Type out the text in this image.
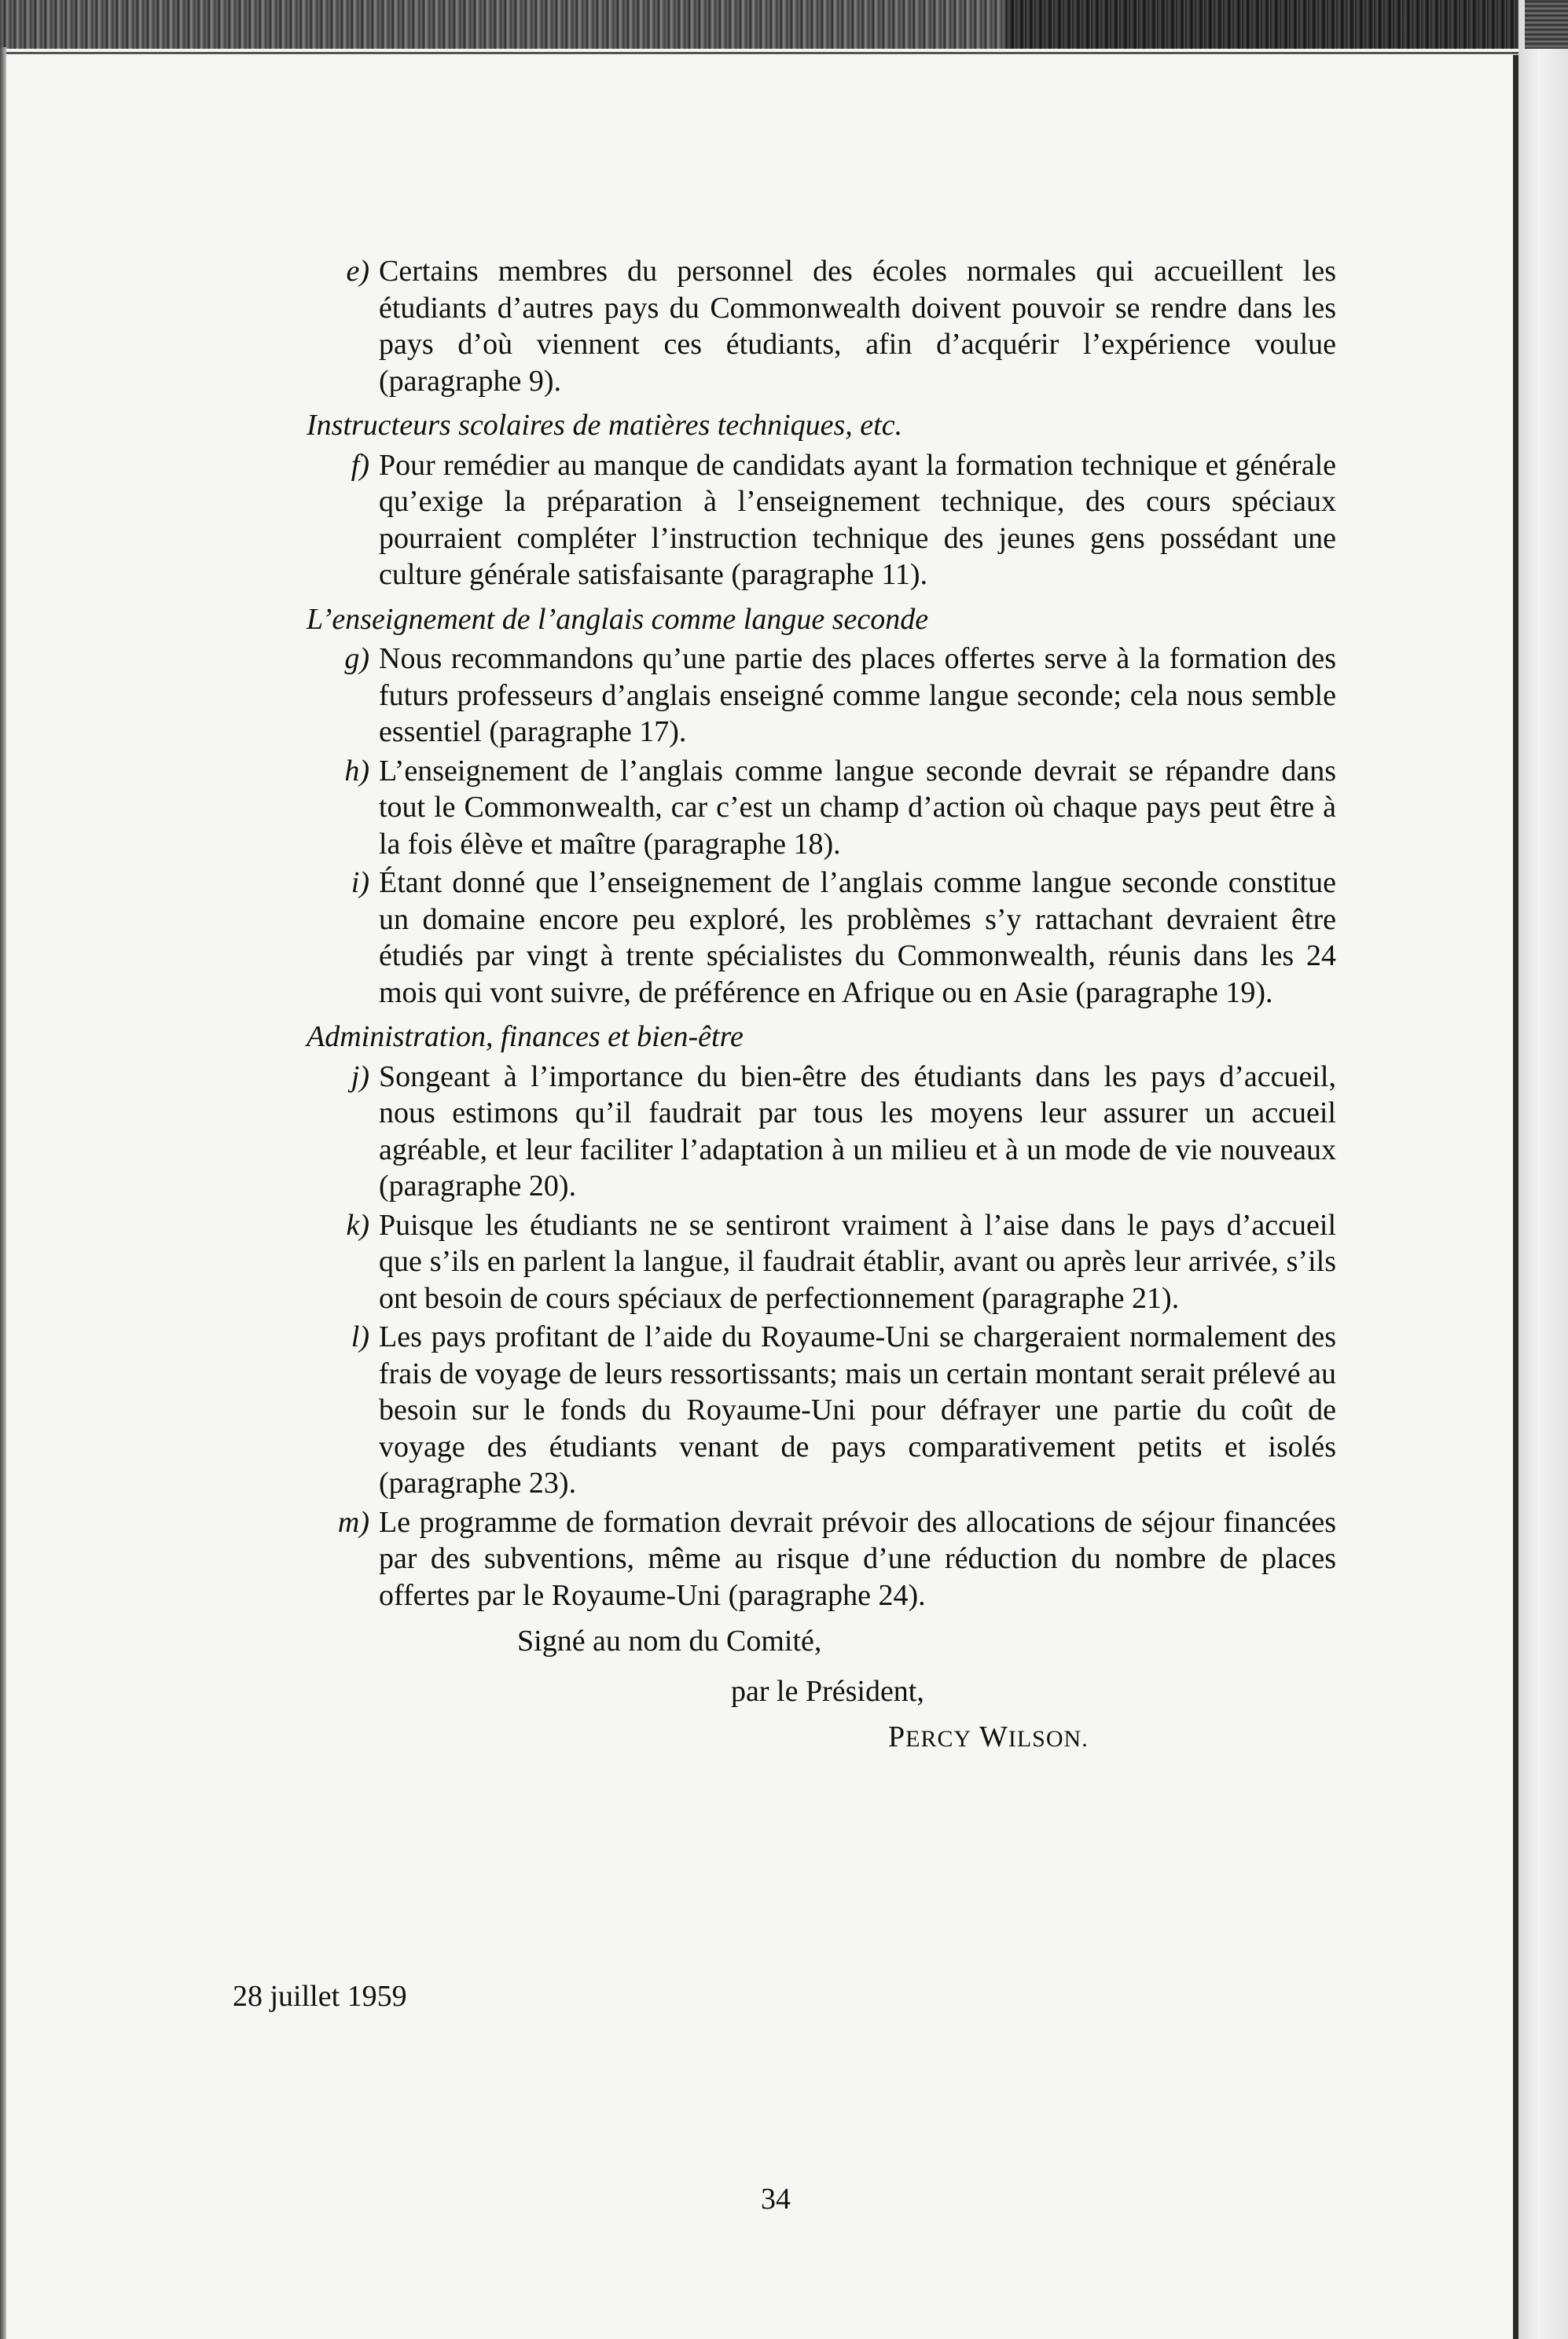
e) Certains membres du personnel des écoles normales qui accueillent les étudiants d’autres pays du Commonwealth doivent pouvoir se rendre dans les pays d’où viennent ces étudiants, afin d’acquérir l’expérience voulue (paragraphe 9).
Instructeurs scolaires de matières techniques, etc.
f) Pour remédier au manque de candidats ayant la formation technique et générale qu’exige la préparation à l’enseignement technique, des cours spéciaux pourraient compléter l’instruction technique des jeunes gens possédant une culture générale satisfaisante (paragraphe 11).
L’enseignement de l’anglais comme langue seconde
g) Nous recommandons qu’une partie des places offertes serve à la formation des futurs professeurs d’anglais enseigné comme langue seconde; cela nous semble essentiel (paragraphe 17).
h) L’enseignement de l’anglais comme langue seconde devrait se répandre dans tout le Commonwealth, car c’est un champ d’action où chaque pays peut être à la fois élève et maître (paragraphe 18).
i) Étant donné que l’enseignement de l’anglais comme langue seconde constitue un domaine encore peu exploré, les problèmes s’y rattachant devraient être étudiés par vingt à trente spécialistes du Commonwealth, réunis dans les 24 mois qui vont suivre, de préférence en Afrique ou en Asie (paragraphe 19).
Administration, finances et bien-être
j) Songeant à l’importance du bien-être des étudiants dans les pays d’accueil, nous estimons qu’il faudrait par tous les moyens leur assurer un accueil agréable, et leur faciliter l’adaptation à un milieu et à un mode de vie nouveaux (paragraphe 20).
k) Puisque les étudiants ne se sentiront vraiment à l’aise dans le pays d’accueil que s’ils en parlent la langue, il faudrait établir, avant ou après leur arrivée, s’ils ont besoin de cours spéciaux de perfectionnement (paragraphe 21).
l) Les pays profitant de l’aide du Royaume-Uni se chargeraient normalement des frais de voyage de leurs ressortissants; mais un certain montant serait prélevé au besoin sur le fonds du Royaume-Uni pour défrayer une partie du coût de voyage des étudiants venant de pays comparativement petits et isolés (paragraphe 23).
m) Le programme de formation devrait prévoir des allocations de séjour financées par des subventions, même au risque d’une réduction du nombre de places offertes par le Royaume-Uni (paragraphe 24).
Signé au nom du Comité,
par le Président,
PERCY WILSON.
28 juillet 1959
34
